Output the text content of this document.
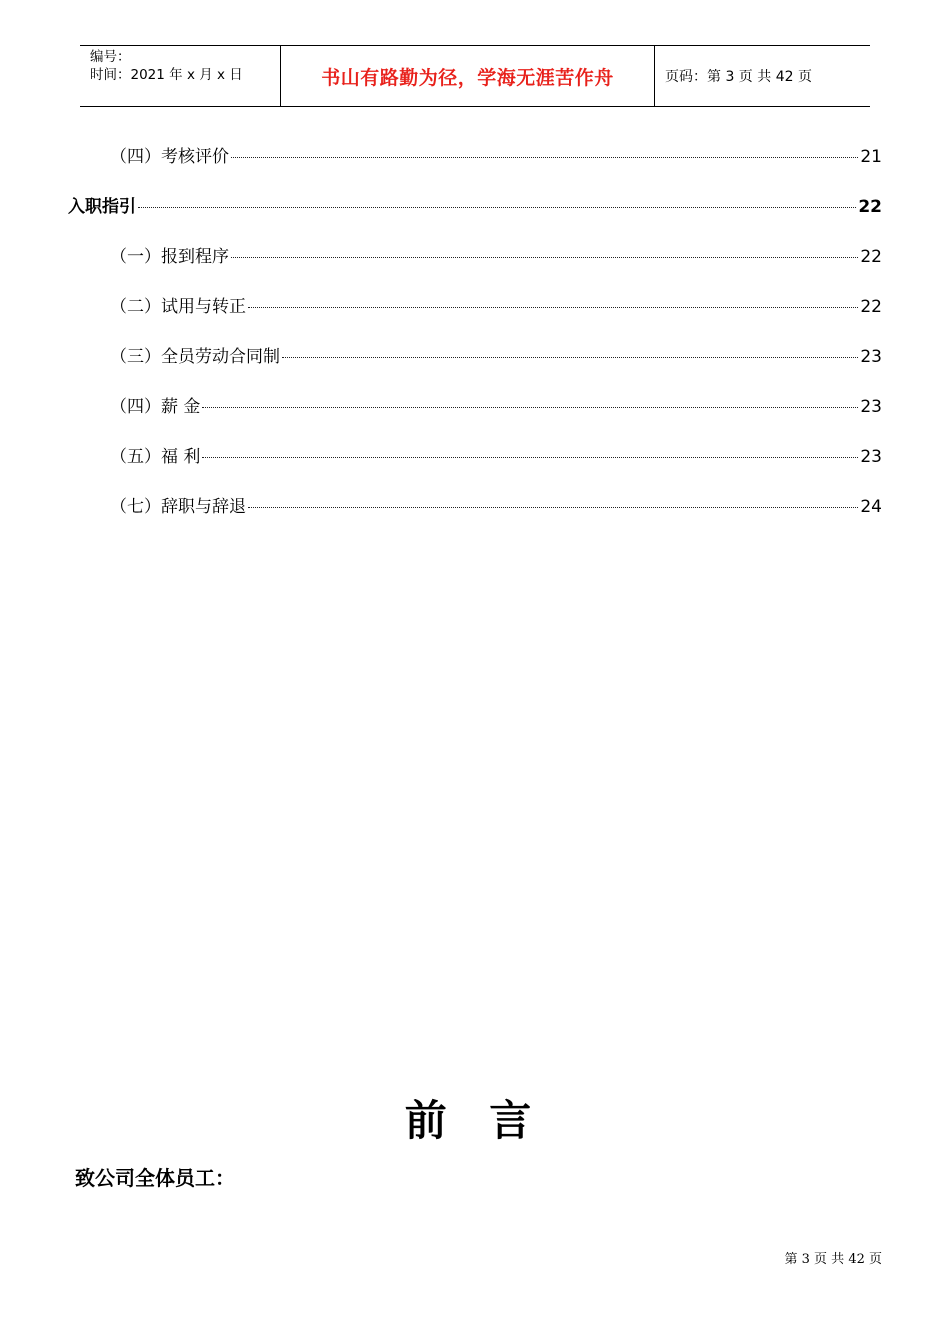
编号：
时间：2021 年 x 月 x 日	书山有路勤为径，学海无涯苦作舟	页码：第 3 页 共 42 页
（四）考核评价	21
入职指引	22
（一）报到程序	22
（二）试用与转正	22
（三）全员劳动合同制	23
（四）薪 金	23
（五）福 利	23
（七）辞职与辞退	24
前 言
致公司全体员工：
第 3 页 共 42 页
